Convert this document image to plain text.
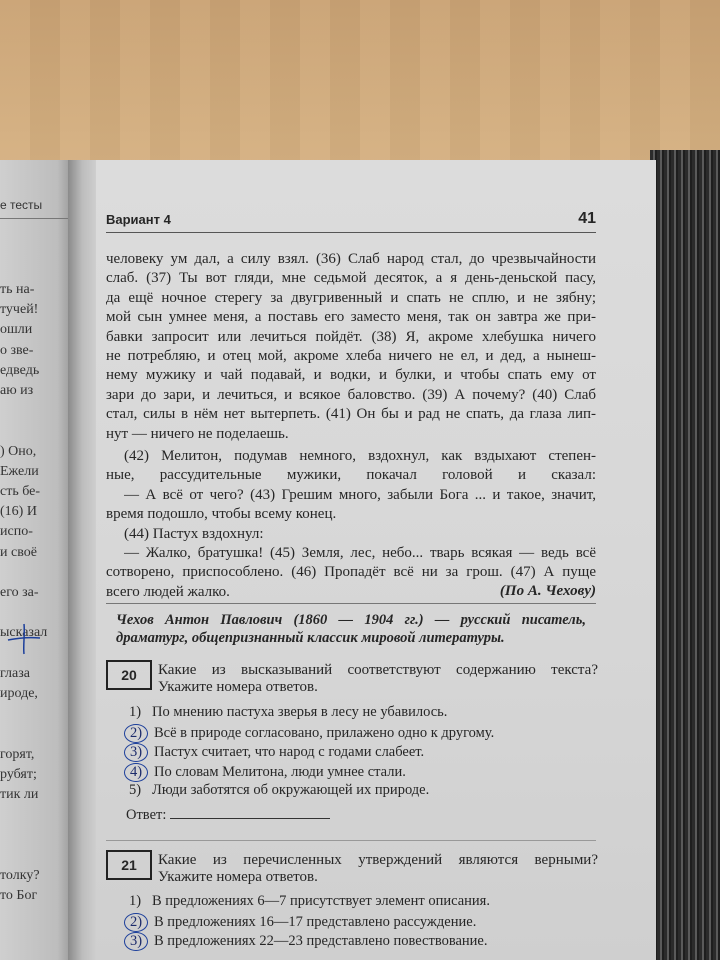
е тесты
ть на-
тучей!
ошли
о зве-
едведь
аю из
) Оно,
Ежели
сть бе-
(16) И
испо-
и своё
его за-
ысказал
глаза
ироде,
горят,
рубят;
тик ли
толку?
то Бог
Вариант 4	41
человеку ум дал, а силу взял. (36) Слаб народ стал, до чрезвычайности
слаб. (37) Ты вот гляди, мне седьмой десяток, а я день-деньской пасу,
да ещё ночное стерегу за двугривенный и спать не сплю, и не зябну;
мой сын умнее меня, а поставь его заместо меня, так он завтра же при-
бавки запросит или лечиться пойдёт. (38) Я, акроме хлебушка ничего
не потребляю, и отец мой, акроме хлеба ничего не ел, и дед, а нынеш-
нему мужику и чай подавай, и водки, и булки, и чтобы спать ему от
зари до зари, и лечиться, и всякое баловство. (39) А почему? (40) Слаб
стал, силы в нём нет вытерпеть. (41) Он бы и рад не спать, да глаза лип-
нут — ничего не поделаешь.
(42) Мелитон, подумав немного, вздохнул, как вздыхают степен-
ные, рассудительные мужики, покачал головой и сказал:
— А всё от чего? (43) Грешим много, забыли Бога ... и такое, значит,
время подошло, чтобы всему конец.
(44) Пастух вздохнул:
— Жалко, братушка! (45) Земля, лес, небо... тварь всякая — ведь всё
сотворено, приспособлено. (46) Пропадёт всё ни за грош. (47) А пуще
всего людей жалко.	(По А. Чехову)
Чехов Антон Павлович (1860 — 1904 гг.) — русский писатель,
драматург, общепризнанный классик мировой литературы.
20	Какие из высказываний соответствуют содержанию текста?
Укажите номера ответов.
1) По мнению пастуха зверья в лесу не убавилось.
2) Всё в природе согласовано, прилажено одно к другому.
3) Пастух считает, что народ с годами слабеет.
4) По словам Мелитона, люди умнее стали.
5) Люди заботятся об окружающей их природе.
Ответ:
21	Какие из перечисленных утверждений являются верными?
Укажите номера ответов.
1) В предложениях 6—7 присутствует элемент описания.
2) В предложениях 16—17 представлено рассуждение.
3) В предложениях 22—23 представлено повествование.
